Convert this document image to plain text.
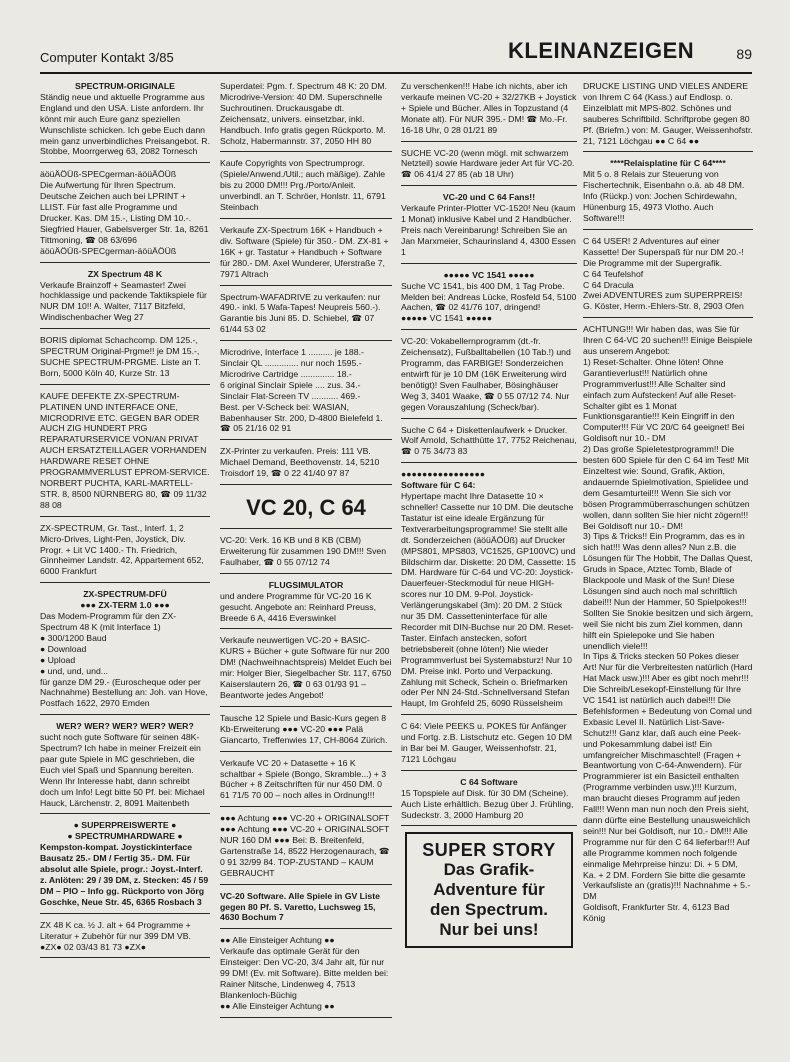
Computer Kontakt 3/85	KLEINANZEIGEN	89
SPECTRUM-ORIGINALE

Ständig neue und aktuelle Programme aus England und den USA. Liste anfordern. Ihr könnt mir auch Eure ganz speziellen Wunschliste schicken. Ich gebe Euch dann mein ganz unverbindliches Preisangebot. R. Stobbe, Moorrgerweg 63, 2082 Tornesch

äöüÄÖÜß-SPECgerman-äöüÄÖÜß
Die Aufwertung für Ihren Spectrum. Deutsche Zeichen auch bei LPRINT + LLIST. Für fast alle Programme und Drucker. Kas. DM 15.-, Listing DM 10.-. Siegfried Hauer, Gabelsverger Str. 1a, 8261 Tittmoning, ☎ 08 63/696
äöüÄÖÜß-SPECgerman-äöüÄÖÜß

ZX Spectrum 48 K

Verkaufe Brainzoff + Seamaster! Zwei hochklassige und packende Taktikspiele für NUR DM 10!! A. Walter, 7117 Bitzfeld, Windischenbacher Weg 27

BORIS diplomat Schachcomp. DM 125.-, SPECTRUM Original-Prgme!! je DM 15.-, SUCHE SPECTRUM-PRGME. Liste an T. Born, 5000 Köln 40, Kurze Str. 13

KAUFE DEFEKTE ZX-SPECTRUM-PLATINEN UND INTERFACE ONE, MICRODRIVE ETC. GEGEN BAR ODER AUCH ZIG HUNDERT PRG REPARATURSERVICE VON/AN PRIVAT AUCH ERSATZTEILLAGER VORHANDEN HARDWARE RESET OHNE PROGRAMMVERLUST EPROM-SERVICE. NORBERT PUCHTA, KARL-MARTELL-STR. 8, 8500 NÜRNBERG 80, ☎ 09 11/32 88 08

ZX-SPECTRUM, Gr. Tast., Interf. 1, 2 Micro-Drives, Light-Pen, Joystick, Div. Progr. + Lit VC 1400.- Th. Friedrich, Ginnheimer Landstr. 42, Appartement 652, 6000 Frankfurt

ZX-SPECTRUM-DFÜ
●●● ZX-TERM 1.0 ●●●

Das Modem-Programm für den ZX-Spectrum 48 K (mit Interface 1)
● 300/1200 Baud
● Download
● Upload
● und, und, und...
für ganze DM 29.- (Euroscheque oder per Nachnahme) Bestellung an: Joh. van Hove, Postfach 1622, 2970 Emden

WER? WER? WER? WER? WER?

sucht noch gute Software für seinen 48K-Spectrum? Ich habe in meiner Freizeit ein paar gute Spiele in MC geschrieben, die Euch viel Spaß und Spannung bereiten. Wenn Ihr Interesse habt, dann schreibt doch um Info! Legt bitte 50 Pf. bei: Michael Hauck, Lärchenstr. 2, 8091 Maitenbeth

● SUPERPREISWERTE ●
● SPECTRUMHARDWARE ●

Kempston-kompat. Joystickinterface Bausatz 25.- DM / Fertig 35.- DM. Für absolut alle Spiele, progr.: Joyst.-Interf. z. Anlöten: 29 / 39 DM, z. Stecken: 45 / 59 DM – PIO – Info gg. Rückporto von Jörg Goschke, Neue Str. 45, 6365 Rosbach 3

ZX 48 K ca. ½ J. alt + 64 Programme + Literatur + Zubehör für nur 399 DM VB. ●ZX● 02 03/43 81 73 ●ZX●

Superdatei: Pgm. f. Spectrum 48 K: 20 DM. Microdrive-Version: 40 DM. Superschnelle Suchroutinen. Druckausgabe dt. Zeichensatz, univers. einsetzbar, inkl. Handbuch. Info gratis gegen Rückporto. M. Scholz, Habermannstr. 37, 2050 HH 80

Kaufe Copyrights von Spectrumprogr. (Spiele/Anwend./Util.; auch mäßige). Zahle bis zu 2000 DM!!! Prg./Porto/Anleit. unverbindl. an T. Schröer, Honlstr. 11, 6791 Steinbach

Verkaufe ZX-Spectrum 16K + Handbuch + div. Software (Spiele) für 350.- DM. ZX-81 + 16K + gr. Tastatur + Handbuch + Software für 280.- DM. Axel Wunderer, Uferstraße 7, 7971 Altrach

Spectrum-WAFADRIVE zu verkaufen: nur 490.- inkl. 5 Wafa-Tapes! Neupreis 560.-). Garantie bis Juni 85. D. Schiebel, ☎ 07 61/44 53 02

Microdrive, Interface 1 .......... je 188.-
Sinclair QL .............. nur noch 1595.-
Microdrive Cartridge .............. 18.-
6 original Sinclair Spiele .... zus. 34.-
Sinclair Flat-Screen TV ........... 469.-
Best. per V-Scheck bei: WASIAN, Babenhauser Str. 200, D-4800 Bielefeld 1. ☎ 05 21/16 02 91

ZX-Printer zu verkaufen. Preis: 111 VB. Michael Demand, Beethovenstr. 14, 5210 Troisdorf 19, ☎ 0 22 41/40 97 87

VC 20, C 64

VC-20: Verk. 16 KB und 8 KB (CBM) Erweiterung für zusammen 190 DM!!! Sven Faulhaber, ☎ 0 55 07/12 74

FLUGSIMULATOR

und andere Programme für VC-20 16 K gesucht. Angebote an: Reinhard Preuss, Breede 6 A, 4416 Everswinkel

Verkaufe neuwertigen VC-20 + BASIC-KURS + Bücher + gute Software für nur 200 DM! (Nachweihnachtspreis) Meldet Euch bei mir: Holger Bier, Siegelbacher Str. 117, 6750 Kaiserslautern 26, ☎ 0 63 01/93 91 – Beantworte jedes Angebot!

Tausche 12 Spiele und Basic-Kurs gegen 8 Kb-Erweiterung ●●● VC-20 ●●● Palä Giancarto, Treffenwies 17, CH-8064 Zürich.

Verkaufe VC 20 + Datasette + 16 K schaltbar + Spiele (Bongo, Skramble...) + 3 Bücher + 8 Zeitschriften für nur 450 DM. 0 61 71/5 70 00 – noch alles in Ordnung!!!

●●● Achtung ●●● VC-20 + ORIGINALSOFT ●●● Achtung ●●● VC-20 + ORIGINALSOFT NUR 160 DM ●●● Bei: B. Breitenfeld, Gartenstraße 14, 8522 Herzogenaurach, ☎ 0 91 32/99 84. TOP-ZUSTAND – KAUM GEBRAUCHT

VC-20 Software. Alle Spiele in GV Liste gegen 80 Pf. S. Varetto, Luchsweg 15, 4630 Bochum 7

●● Alle Einsteiger Achtung ●●
Verkaufe das optimale Gerät für den Einsteiger: Den VC-20, 3/4 Jahr alt, für nur 99 DM! (Ev. mit Software). Bitte melden bei: Rainer Nitsche, Lindenweg 4, 7513 Blankenloch-Büchig
●● Alle Einsteiger Achtung ●●

Zu verschenken!!! Habe ich nichts, aber ich verkaufe meinen VC-20 + 32/27KB + Joystick + Spiele und Bücher. Alles in Topzustand (4 Monate alt). Für NUR 395.- DM! ☎ Mo.-Fr. 16-18 Uhr, 0 28 01/21 89

SUCHE VC-20 (wenn mögl. mit schwarzem Netzteil) sowie Hardware jeder Art für VC-20. ☎ 06 41/4 27 85 (ab 18 Uhr)

VC-20 und C 64 Fans!!

Verkaufe Printer-Plotter VC-1520! Neu (kaum 1 Monat) inklusive Kabel und 2 Handbücher. Preis nach Vereinbarung! Schreiben Sie an Jan Marxmeier, Schaurinsland 4, 4300 Essen 1

●●●●● VC 1541 ●●●●●

Suche VC 1541, bis 400 DM, 1 Tag Probe. Melden bei: Andreas Lücke, Rosfeld 54, 5100 Aachen, ☎ 02 41/76 107, dringend!
●●●●● VC 1541 ●●●●●

VC-20: Vokabellernprogramm (dt.-fr. Zeichensatz), Fußballtabellen (10 Tab.!) und Programm, das FARBIGE! Sonderzeichen entwirft für je 10 DM (16K Erweiterung wird benötigt)! Sven Faulhaber, Bösinghäuser Weg 3, 3401 Waake, ☎ 0 55 07/12 74. Nur gegen Vorauszahlung (Scheck/bar).

Suche C 64 + Diskettenlaufwerk + Drucker. Wolf Arnold, Schatthütte 17, 7752 Reichenau, ☎ 0 75 34/73 83

●●●●●●●●●●●●●●●●
Software für C 64:

Hypertape macht Ihre Datasette 10 × schneller! Cassette nur 10 DM. Die deutsche Tastatur ist eine ideale Ergänzung für Textverarbeitungsprogramme! Sie stellt alle dt. Sonderzeichen (äöüÄÖÜß) auf Drucker (MPS801, MPS803, VC1525, GP100VC) und Bildschirm dar. Diskette: 20 DM, Cassette: 15 DM. Hardware für C-64 und VC-20: Joystick-Dauerfeuer-Steckmodul für neue HIGH-scores nur 10 DM. 9-Pol. Joystick-Verlängerungskabel (3m): 20 DM. 2 Stück nur 35 DM. Cassetteninterface für alle Recorder mit DIN-Buchse nur 20 DM. Reset-Taster. Einfach anstecken, sofort betriebsbereit (ohne löten!) Nie wieder Programmverlust bei Systemabsturz! Nur 10 DM. Preise inkl. Porto und Verpackung. Zahlung mit Scheck, Schein o. Briefmarken oder Per NN 24-Std.-Schnellversand Stefan Haupt, Im Grohfeld 25, 6090 Rüsselsheim

C 64: Viele PEEKS u. POKES für Anfänger und Fortg. z.B. Listschutz etc. Gegen 10 DM in Bar bei M. Gauger, Weissenhofstr. 21, 7121 Löchgau

C 64 Software

15 Topspiele auf Disk. für 30 DM (Scheine). Auch Liste erhältlich. Bezug über J. Frühling, Sudeckstr. 3, 2000 Hamburg 20

SUPER STORY
Das Grafik-
Adventure für
den Spectrum.
Nur bei uns!

DRUCKE LISTING UND VIELES ANDERE von Ihrem C 64 (Kass.) auf Endlosp. o. Einzelblatt mit MPS-802. Schönes und sauberes Schriftbild. Schriftprobe gegen 80 Pf. (Briefm.) von: M. Gauger, Weissenhofstr. 21, 7121 Löchgau ●● C 64 ●●

****Relaisplatine für C 64****

Mit 5 o. 8 Relais zur Steuerung von Fischertechnik, Eisenbahn o.ä. ab 48 DM. Info (Rückp.) von: Jochen Schirdewahn, Hünenburg 15, 4973 Vlotho. Auch Software!!!

C 64 USER! 2 Adventures auf einer Kassette! Der Superspaß für nur DM 20.-! Die Programme mit der Supergrafik.
C 64 Teufelshof
C 64 Dracula
Zwei ADVENTURES zum SUPERPREIS! G. Köster, Herm.-Ehlers-Str. 8, 2903 Ofen

ACHTUNG!!! Wir haben das, was Sie für Ihren C 64-VC 20 suchen!!! Einige Beispiele aus unserem Angebot:
1) Reset-Schalter. Ohne löten! Ohne Garantieverlust!!! Natürlich ohne Programmverlust!!! Alle Schalter sind einfach zum Aufstecken! Auf alle Reset-Schalter gibt es 1 Monat Funktionsgarantie!!! Kein Eingriff in den Computer!!! Für VC 20/C 64 geeignet! Bei Goldisoft nur 10.- DM
2) Das große Spieletestprogramm!! Die besten 600 Spiele für den C 64 im Test! Mit Einzeltest wie: Sound, Grafik, Aktion, andauernde Spielmotivation, Spielidee und dem Gesamturteil!!! Wenn Sie sich vor bösen Programmüberraschungen schützen wollen, dann sollten Sie hier nicht zögern!!! Bei Goldisoft nur 10.- DM!
3) Tips & Tricks!! Ein Programm, das es in sich hat!!! Was denn alles? Nun z.B. die Lösungen für The Hobbit, The Dallas Quest, Gruds in Space, Atztec Tomb, Blade of Blackpoole und Mask of the Sun! Diese Lösungen sind auch noch mal schriftlich dabei!!! Nun der Hammer, 50 Spielpokes!!! Sollten Sie Snokie besitzen und sich ärgern, weil Sie nicht bis zum Ziel kommen, dann hilft ein Spielepoke und Sie haben unendlich viele!!!
In Tips & Tricks stecken 50 Pokes dieser Art! Nur für die Verbreitesten natürlich (Hard Hat Mack usw.)!!! Aber es gibt noch mehr!!! Die Schreib/Lesekopf-Einstellung für Ihre VC 1541 ist natürlich auch dabei!!! Die Befehlsformen + Bedeutung von Comal und Exbasic Level II. Natürlich List-Save-Schutz!!! Ganz klar, daß auch eine Peek- und Pokesammlung dabei ist! Ein umfangreicher Mischmaschtel! (Fragen + Beantwortung von C-64-Anwendern). Für Programmierer ist ein Basicteil enthalten (Programme verbinden usw.)!!! Kurzum, man braucht dieses Programm auf jeden Fall!!! Wenn man nun noch den Preis sieht, dann dürfte eine Bestellung unausweichlich sein!!! Nur bei Goldisoft, nur 10.- DM!!! Alle Programme nur für den C 64 lieferbar!!! Auf alle Programme kommen noch folgende einmalige Mehrpreise hinzu: Di. + 5 DM, Ka. + 2 DM. Fordern Sie bitte die gesamte Verkaufsliste an (gratis)!!! Nachnahme + 5.- DM
Goldisoft, Frankfurter Str. 4, 6123 Bad König
